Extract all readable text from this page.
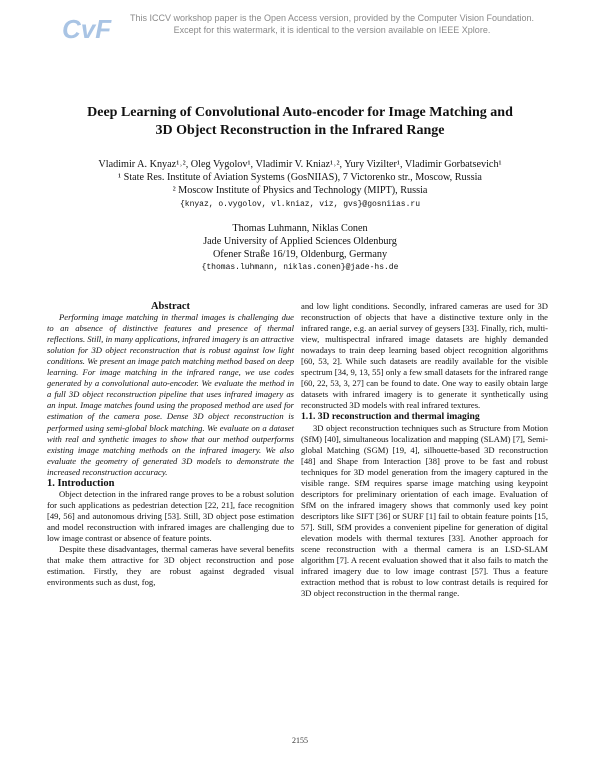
CvF	This ICCV workshop paper is the Open Access version, provided by the Computer Vision Foundation.
Except for this watermark, it is identical to the version available on IEEE Xplore.
Deep Learning of Convolutional Auto-encoder for Image Matching and
3D Object Reconstruction in the Infrared Range
Vladimir A. Knyaz¹˒², Oleg Vygolov¹, Vladimir V. Kniaz¹˒², Yury Vizilter¹, Vladimir Gorbatsevich¹
¹ State Res. Institute of Aviation Systems (GosNIIAS), 7 Victorenko str., Moscow, Russia
² Moscow Institute of Physics and Technology (MIPT), Russia
{knyaz, o.vygolov, vl.kniaz, viz, gvs}@gosniias.ru
Thomas Luhmann, Niklas Conen
Jade University of Applied Sciences Oldenburg
Ofener Straße 16/19, Oldenburg, Germany
{thomas.luhmann, niklas.conen}@jade-hs.de

Abstract

Performing image matching in thermal images is challenging due to an absence of distinctive features and presence of thermal reflections. Still, in many applications, infrared imagery is an attractive solution for 3D object reconstruction that is robust against low light conditions. We present an image patch matching method based on deep learning. For image matching in the infrared range, we use codes generated by a convolutional auto-encoder. We evaluate the method in a full 3D object reconstruction pipeline that uses infrared imagery as an input. Image matches found using the proposed method are used for estimation of the camera pose. Dense 3D object reconstruction is performed using semi-global block matching. We evaluate on a dataset with real and synthetic images to show that our method outperforms existing image matching methods on the infrared imagery. We also evaluate the geometry of generated 3D models to demonstrate the increased reconstruction accuracy.

1. Introduction

Object detection in the infrared range proves to be a robust solution for such applications as pedestrian detection [22, 21], face recognition [49, 56] and autonomous driving [53]. Still, 3D object pose estimation and model reconstruction with infrared images are challenging due to low image contrast or absence of feature points.

Despite these disadvantages, thermal cameras have several benefits that make them attractive for 3D object reconstruction and pose estimation. Firstly, they are robust against degraded visual environments such as dust, fog,

and low light conditions. Secondly, infrared cameras are used for 3D reconstruction of objects that have a distinctive texture only in the infrared range, e.g. an aerial survey of geysers [33]. Finally, rich, multi-view, multispectral infrared image datasets are highly demanded nowadays to train deep learning based object recognition algorithms [60, 53, 2]. While such datasets are readily available for the visible spectrum [34, 9, 13, 55] only a few small datasets for the infrared range [60, 22, 53, 3, 27] can be found to date. One way to easily obtain large datasets with infrared imagery is to generate it synthetically using reconstructed 3D models with real infrared textures.

1.1. 3D reconstruction and thermal imaging

3D object reconstruction techniques such as Structure from Motion (SfM) [40], simultaneous localization and mapping (SLAM) [7], Semi-global Matching (SGM) [19, 4], silhouette-based 3D reconstruction [48] and Shape from Interaction [38] prove to be fast and robust techniques for 3D model generation from the imagery captured in the visible range. SfM requires sparse image matching using keypoint descriptors for preliminary orientation of each image. Evaluation of SfM on the infrared imagery shows that commonly used key point descriptors like SIFT [36] or SURF [1] fail to obtain feature points [15, 57]. Still, SfM provides a convenient pipeline for generation of digital elevation models with thermal textures [33]. Another approach for scene reconstruction with a thermal camera is an LSD-SLAM algorithm [7]. A recent evaluation showed that it also fails to match the infrared imagery due to low image contrast [57]. Thus a feature extraction method that is robust to low contrast details is required for 3D object reconstruction in the thermal range.

2155
